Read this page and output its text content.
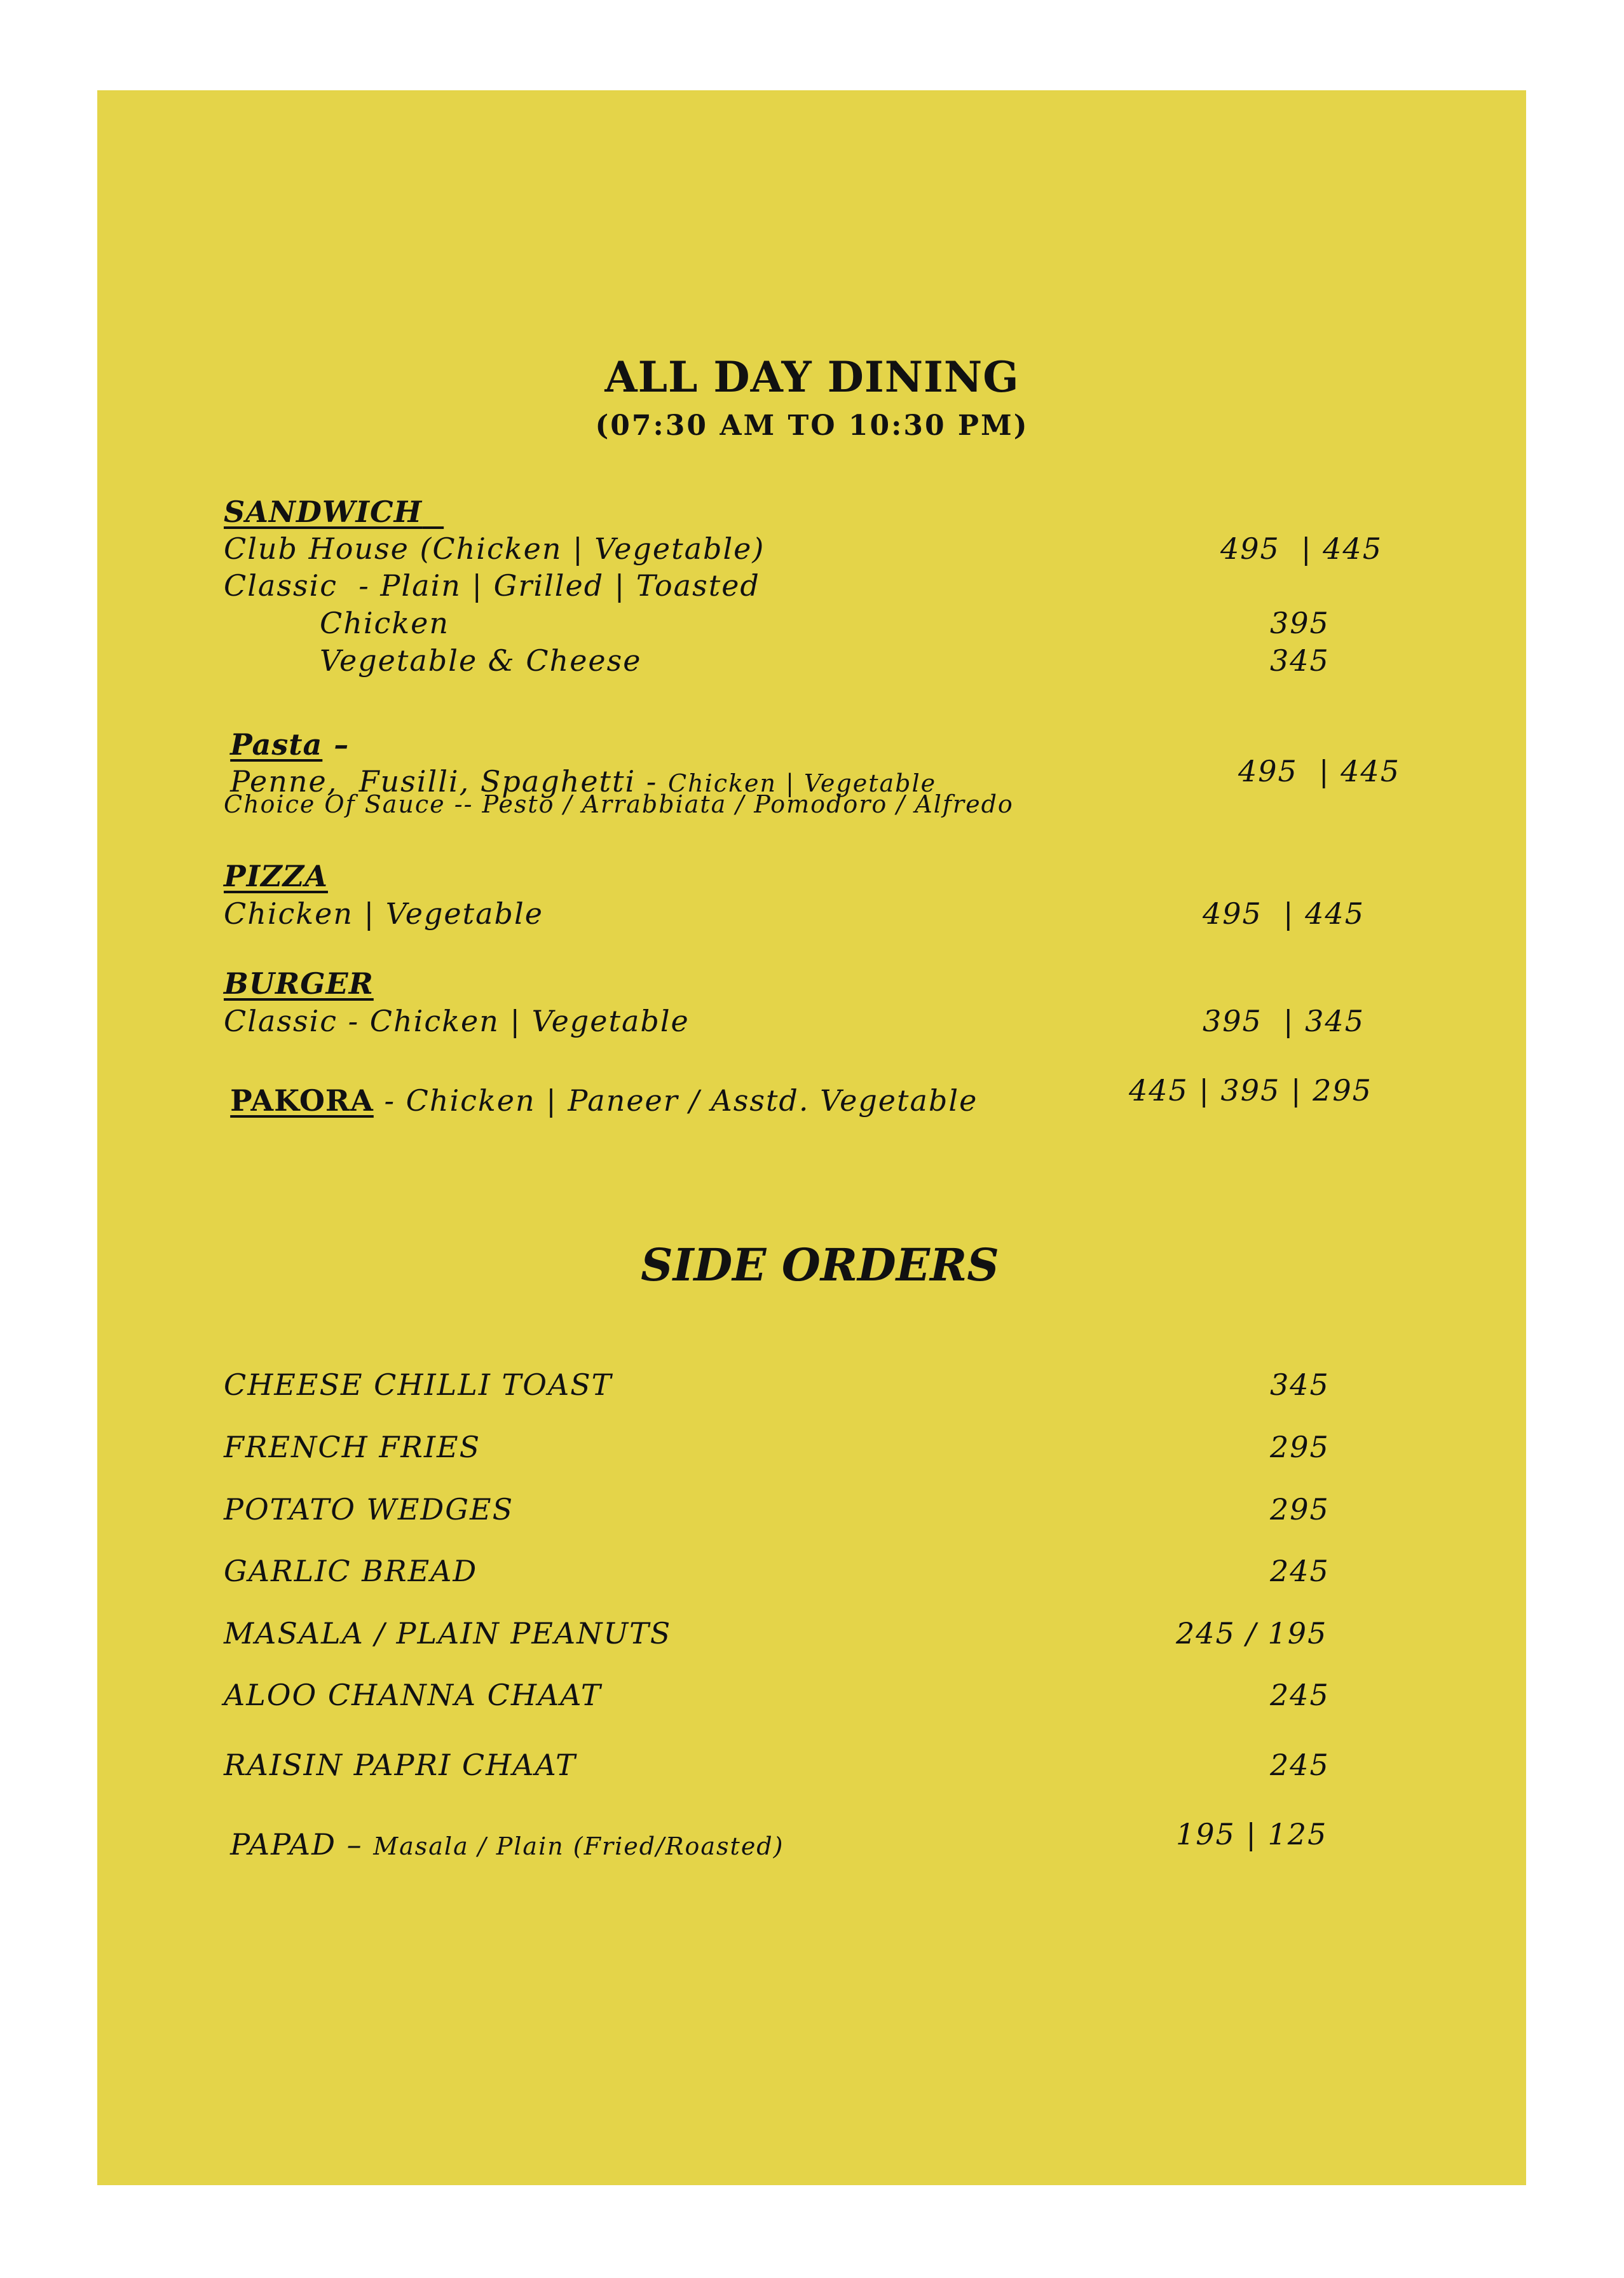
ALL DAY DINING
(07:30 AM TO 10:30 PM)
SANDWICH
Club House (Chicken | Vegetable)	495  | 445
Classic  - Plain | Grilled | Toasted
Chicken	395
Vegetable & Cheese	345

Pasta –

Penne,  Fusilli, Spaghetti - Chicken | Vegetable	495  | 445
Choice Of Sauce -- Pesto / Arrabbiata / Pomodoro / Alfredo
PIZZA
Chicken | Vegetable	495  | 445
BURGER
Classic - Chicken | Vegetable	395  | 345

PAKORA - Chicken | Paneer / Asstd. Vegetable	445 | 395 | 295
SIDE ORDERS
CHEESE CHILLI TOAST	345
FRENCH FRIES	295
POTATO WEDGES	295
GARLIC BREAD	245
MASALA / PLAIN PEANUTS	245 / 195
ALOO CHANNA CHAAT	245
RAISIN PAPRI CHAAT	245

PAPAD – Masala / Plain (Fried/Roasted)	195 | 125
